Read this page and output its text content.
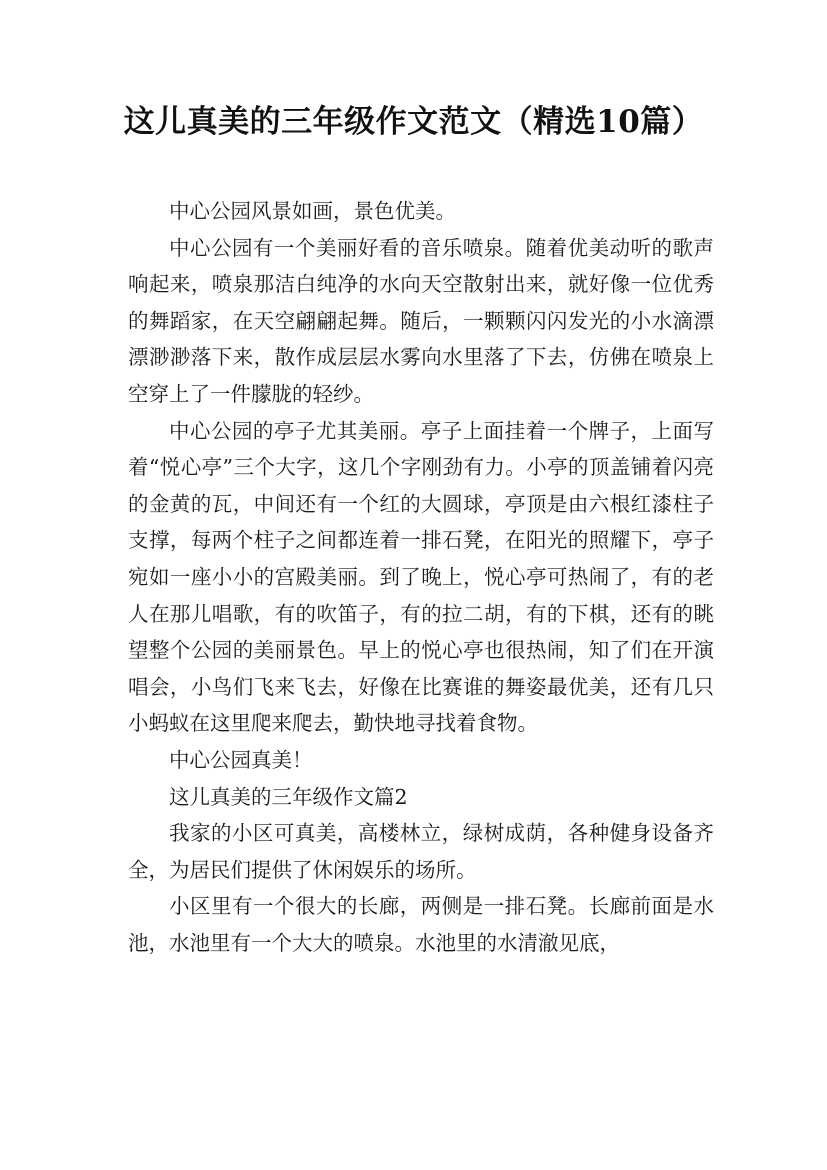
这儿真美的三年级作文范文（精选10篇）

中心公园风景如画，景色优美。

中心公园有一个美丽好看的音乐喷泉。随着优美动听的歌声响起来，喷泉那洁白纯净的水向天空散射出来，就好像一位优秀的舞蹈家，在天空翩翩起舞。随后，一颗颗闪闪发光的小水滴漂漂渺渺落下来，散作成层层水雾向水里落了下去，仿佛在喷泉上空穿上了一件朦胧的轻纱。

中心公园的亭子尤其美丽。亭子上面挂着一个牌子，上面写着“悦心亭”三个大字，这几个字刚劲有力。小亭的顶盖铺着闪亮的金黄的瓦，中间还有一个红的大圆球，亭顶是由六根红漆柱子支撑，每两个柱子之间都连着一排石凳，在阳光的照耀下，亭子宛如一座小小的宫殿美丽。到了晚上，悦心亭可热闹了，有的老人在那儿唱歌，有的吹笛子，有的拉二胡，有的下棋，还有的眺望整个公园的美丽景色。早上的悦心亭也很热闹，知了们在开演唱会，小鸟们飞来飞去，好像在比赛谁的舞姿最优美，还有几只小蚂蚁在这里爬来爬去，勤快地寻找着食物。

中心公园真美！

这儿真美的三年级作文篇2

我家的小区可真美，高楼林立，绿树成荫，各种健身设备齐全，为居民们提供了休闲娱乐的场所。

小区里有一个很大的长廊，两侧是一排石凳。长廊前面是水池，水池里有一个大大的喷泉。水池里的水清澈见底，
